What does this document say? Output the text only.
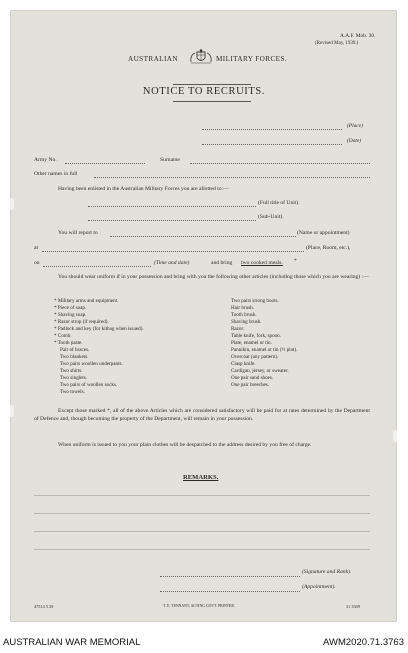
A.A.F. Mob. 30.
(Revised May, 1939.)
AUSTRALIAN	MILITARY FORCES.
NOTICE TO RECRUITS.
(Place)
(Date)
Army No.	Surname
Other names in full
Having been enlisted in the Australian Military Forces you are allotted to:—
(Full title of Unit).
(Sub-Unit).
You will report to	(Name or appointment)
at	(Place, Room, etc.),
on	(Time and date)	and bring two cooked meals. *
You should wear uniform if in your possession and bring with you the following other articles (including those which you are wearing) :—
* Military arms and equipment.
* Piece of soap.
* Shaving soap.
* Razor strop (if required).
* Padlock and key (for kitbag when issued).
* Comb.
* Tooth paste.
Pair of braces.
Two blankets.
Two pairs woollen underpants.
Two shirts.
Two singlets.
Two pairs of woollen socks.
Two towels.
Two pairs strong boots.
Hair brush.
Tooth brush.
Shaving brush.
Razor.
Table knife, fork, spoon.
Plate, enamel or tin.
Pannikin, enamel or tin (½ pint).
Overcoat (any pattern).
Clasp knife.
Cardigan, jersey, or sweater.
One pair sand shoes.
One pair breeches.
Except those marked *, all of the above Articles which are considered satisfactory will be paid for at rates determined by the Department of Defence and, though becoming the property of the Department, will remain in your possession.
When uniform is issued to you your plain clothes will be despatched to the address desired by you free of charge.
REMARKS.
(Signature and Rank).
(Appointment).
47514 5.39	T. E. TENNANT, ACTING GOVT. PRINTER.	31 3309
AUSTRALIAN WAR MEMORIAL	AWM2020.71.3763
